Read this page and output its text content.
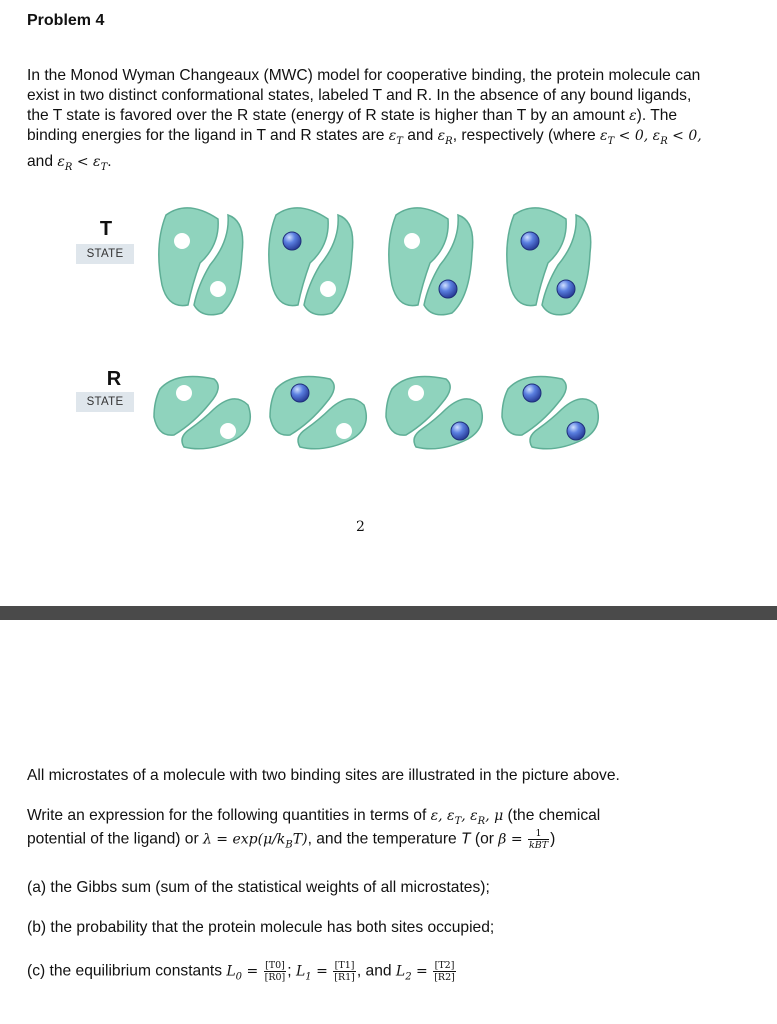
Problem 4
In the Monod Wyman Changeaux (MWC) model for cooperative binding, the protein molecule can exist in two distinct conformational states, labeled T and R. In the absence of any bound ligands, the T state is favored over the R state (energy of R state is higher than T by an amount ε). The binding energies for the ligand in T and R states are $\varepsilon_T$ and $\varepsilon_R$, respectively (where $\varepsilon_T < 0$, $\varepsilon_R < 0$, and $\varepsilon_R < \varepsilon_T$.
T
STATE
R
STATE
2
All microstates of a molecule with two binding sites are illustrated in the picture above.
Write an expression for the following quantities in terms of ε, $\varepsilon_T$, $\varepsilon_R$, μ (the chemical
potential of the ligand) or $\lambda = \exp(\mu/k_BT)$, and the temperature T (or $\beta = \frac{1}{\text{kBT}}$ )
(a) the Gibbs sum (sum of the statistical weights of all microstates);
(b) the probability that the protein molecule has both sites occupied;
(c) the equilibrium constants $L_0 = \frac{[T0]}{[R0]}$ ; $L_1 = \frac{[T1]}{[R1]}$ , and $L_2 = \frac{[T2]}{[R2]}$
